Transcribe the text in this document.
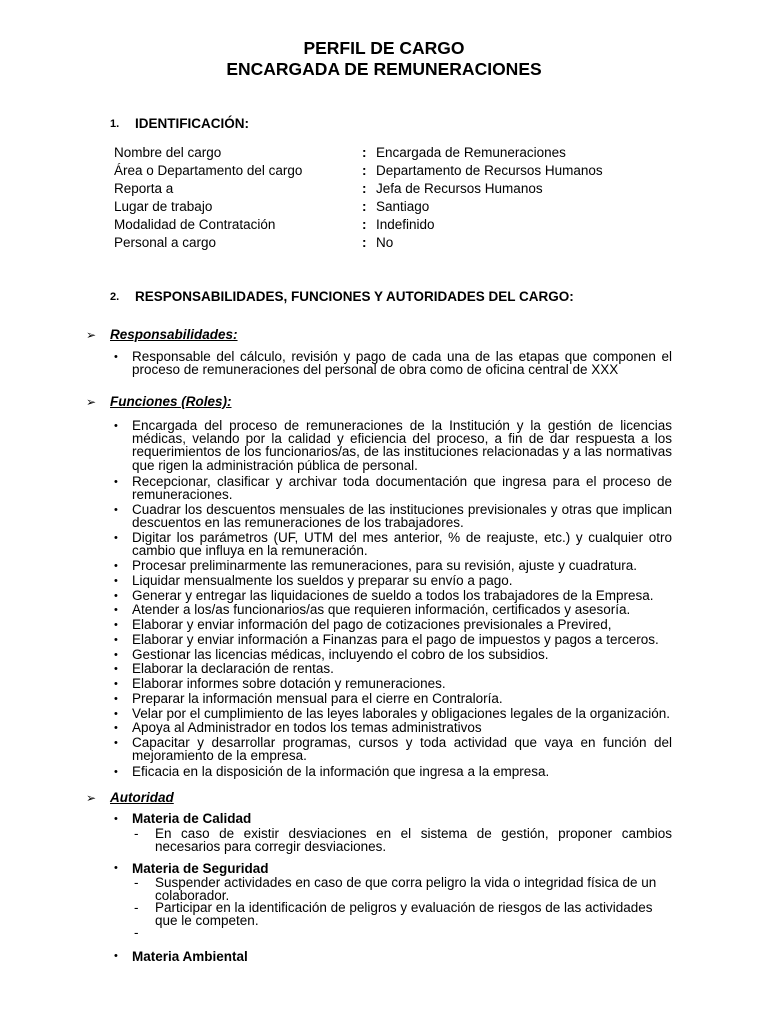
PERFIL DE CARGO
ENCARGADA DE REMUNERACIONES
1. IDENTIFICACIÓN:
Nombre del cargo	: Encargada de Remuneraciones
Área o Departamento del cargo	: Departamento de Recursos Humanos
Reporta a	: Jefa de Recursos Humanos
Lugar de trabajo	: Santiago
Modalidad de Contratación	: Indefinido
Personal a cargo	: No
2. RESPONSABILIDADES, FUNCIONES Y AUTORIDADES DEL CARGO:
➢ Responsabilidades:
• Responsable del cálculo, revisión y pago de cada una de las etapas que componen el proceso de remuneraciones del personal de obra como de oficina central de XXX
➢ Funciones (Roles):
• Encargada del proceso de remuneraciones de la Institución y la gestión de licencias médicas, velando por la calidad y eficiencia del proceso, a fin de dar respuesta a los requerimientos de los funcionarios/as, de las instituciones relacionadas y a las normativas que rigen la administración pública de personal.
• Recepcionar, clasificar y archivar toda documentación que ingresa para el proceso de remuneraciones.
• Cuadrar los descuentos mensuales de las instituciones previsionales y otras que implican descuentos en las remuneraciones de los trabajadores.
• Digitar los parámetros (UF, UTM del mes anterior, % de reajuste, etc.) y cualquier otro cambio que influya en la remuneración.
• Procesar preliminarmente las remuneraciones, para su revisión, ajuste y cuadratura.
• Liquidar mensualmente los sueldos y preparar su envío a pago.
• Generar y entregar las liquidaciones de sueldo a todos los trabajadores de la Empresa.
• Atender a los/as funcionarios/as que requieren información, certificados y asesoría.
• Elaborar y enviar información del pago de cotizaciones previsionales a Previred,
• Elaborar y enviar información a Finanzas para el pago de impuestos y pagos a terceros.
• Gestionar las licencias médicas, incluyendo el cobro de los subsidios.
• Elaborar la declaración de rentas.
• Elaborar informes sobre dotación y remuneraciones.
• Preparar la información mensual para el cierre en Contraloría.
• Velar por el cumplimiento de las leyes laborales y obligaciones legales de la organización.
• Apoya al Administrador en todos los temas administrativos
• Capacitar y desarrollar programas, cursos y toda actividad que vaya en función del mejoramiento de la empresa.
• Eficacia en la disposición de la información que ingresa a la empresa.
➢ Autoridad
• Materia de Calidad
- En caso de existir desviaciones en el sistema de gestión, proponer cambios necesarios para corregir desviaciones.
• Materia de Seguridad
- Suspender actividades en caso de que corra peligro la vida o integridad física de un colaborador.
- Participar en la identificación de peligros y evaluación de riesgos de las actividades que le competen.
-
• Materia Ambiental
